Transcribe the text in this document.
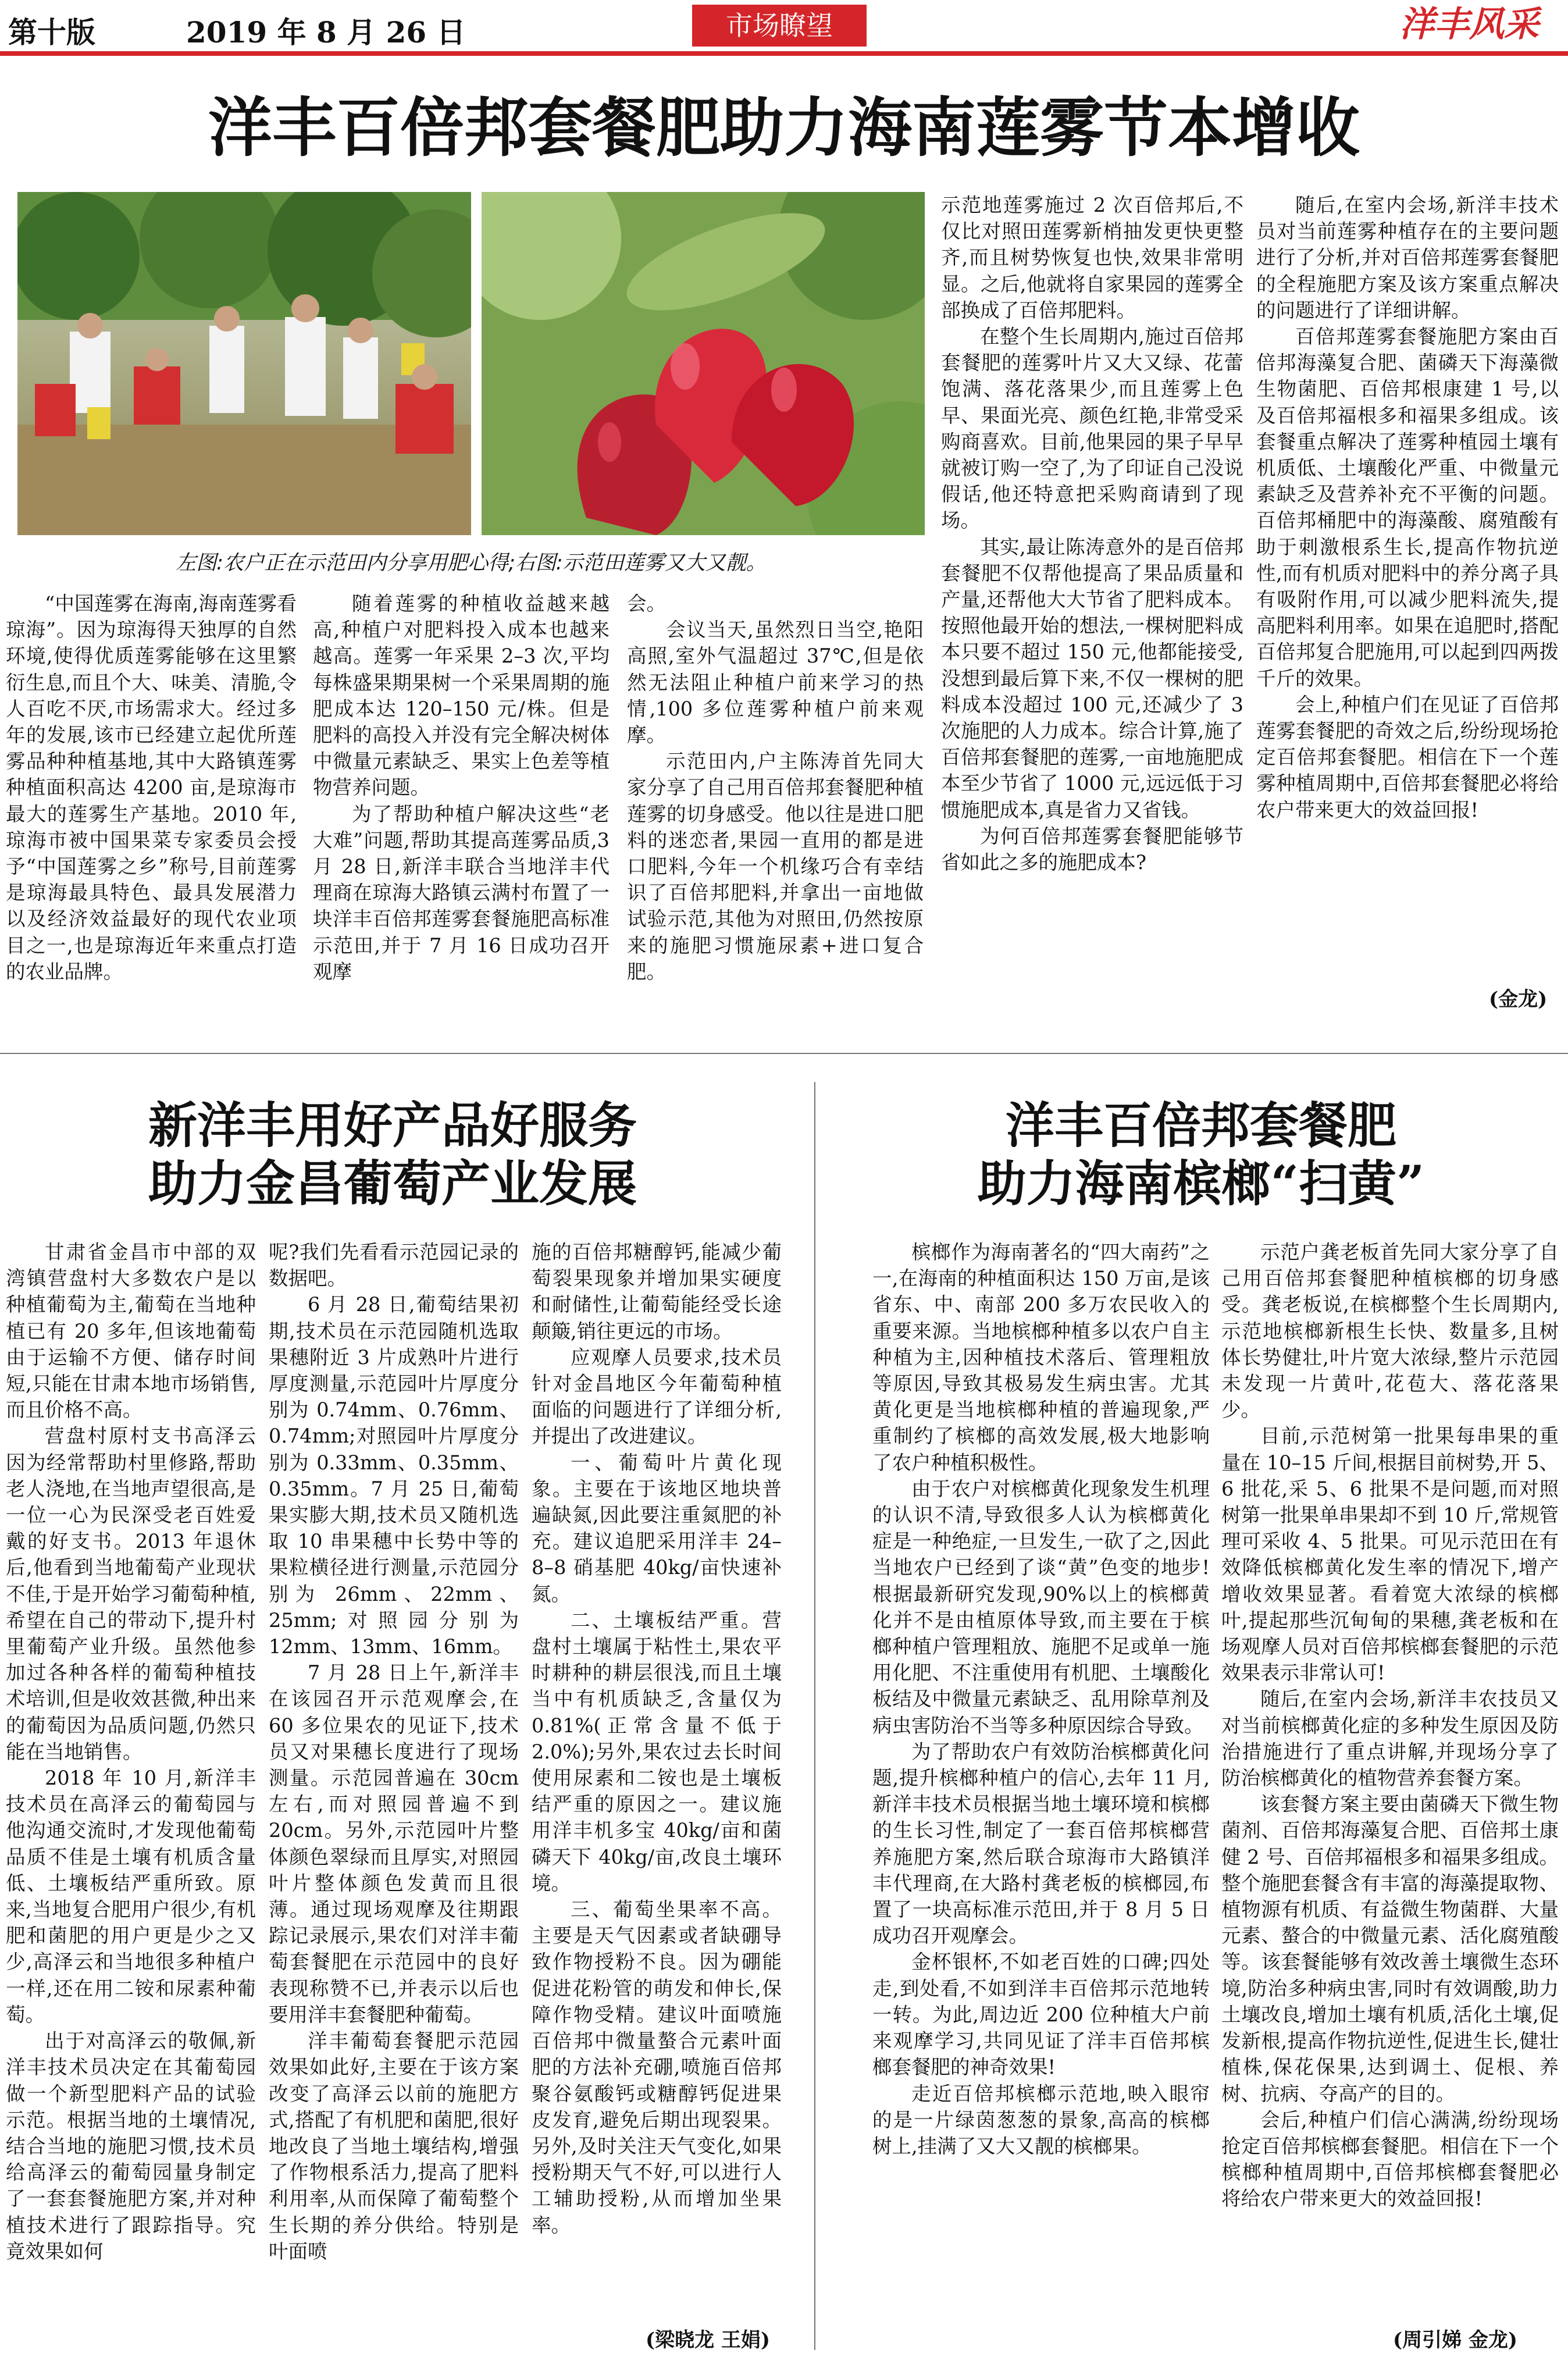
第十版	2019 年 8 月 26 日	市场瞭望	洋丰风采
洋丰百倍邦套餐肥助力海南莲雾节本增收
左图:农户正在示范田内分享用肥心得;右图:示范田莲雾又大又靓。

“中国莲雾在海南,海南莲雾看琼海”。因为琼海得天独厚的自然环境,使得优质莲雾能够在这里繁衍生息,而且个大、味美、清脆,令人百吃不厌,市场需求大。经过多年的发展,该市已经建立起优所莲雾品种种植基地,其中大路镇莲雾种植面积高达 4200 亩,是琼海市最大的莲雾生产基地。2010 年,琼海市被中国果菜专家委员会授予“中国莲雾之乡”称号,目前莲雾是琼海最具特色、最具发展潜力以及经济效益最好的现代农业项目之一,也是琼海近年来重点打造的农业品牌。

随着莲雾的种植收益越来越高,种植户对肥料投入成本也越来越高。莲雾一年采果 2–3 次,平均每株盛果期果树一个采果周期的施肥成本达 120–150 元/株。但是肥料的高投入并没有完全解决树体中微量元素缺乏、果实上色差等植物营养问题。

为了帮助种植户解决这些“老大难”问题,帮助其提高莲雾品质,3 月 28 日,新洋丰联合当地洋丰代理商在琼海大路镇云满村布置了一块洋丰百倍邦莲雾套餐施肥高标准示范田,并于 7 月 16 日成功召开观摩

会。

会议当天,虽然烈日当空,艳阳高照,室外气温超过 37℃,但是依然无法阻止种植户前来学习的热情,100 多位莲雾种植户前来观摩。

示范田内,户主陈涛首先同大家分享了自己用百倍邦套餐肥种植莲雾的切身感受。他以往是进口肥料的迷恋者,果园一直用的都是进口肥料,今年一个机缘巧合有幸结识了百倍邦肥料,并拿出一亩地做试验示范,其他为对照田,仍然按原来的施肥习惯施尿素+进口复合肥。

示范地莲雾施过 2 次百倍邦后,不仅比对照田莲雾新梢抽发更快更整齐,而且树势恢复也快,效果非常明显。之后,他就将自家果园的莲雾全部换成了百倍邦肥料。

在整个生长周期内,施过百倍邦套餐肥的莲雾叶片又大又绿、花蕾饱满、落花落果少,而且莲雾上色早、果面光亮、颜色红艳,非常受采购商喜欢。目前,他果园的果子早早就被订购一空了,为了印证自己没说假话,他还特意把采购商请到了现场。

其实,最让陈涛意外的是百倍邦套餐肥不仅帮他提高了果品质量和产量,还帮他大大节省了肥料成本。按照他最开始的想法,一棵树肥料成本只要不超过 150 元,他都能接受,没想到最后算下来,不仅一棵树的肥料成本没超过 100 元,还减少了 3 次施肥的人力成本。综合计算,施了百倍邦套餐肥的莲雾,一亩地施肥成本至少节省了 1000 元,远远低于习惯施肥成本,真是省力又省钱。

为何百倍邦莲雾套餐肥能够节省如此之多的施肥成本?

随后,在室内会场,新洋丰技术员对当前莲雾种植存在的主要问题进行了分析,并对百倍邦莲雾套餐肥的全程施肥方案及该方案重点解决的问题进行了详细讲解。

百倍邦莲雾套餐施肥方案由百倍邦海藻复合肥、菌磷天下海藻微生物菌肥、百倍邦根康建 1 号,以及百倍邦福根多和福果多组成。该套餐重点解决了莲雾种植园土壤有机质低、土壤酸化严重、中微量元素缺乏及营养补充不平衡的问题。百倍邦桶肥中的海藻酸、腐殖酸有助于刺激根系生长,提高作物抗逆性,而有机质对肥料中的养分离子具有吸附作用,可以减少肥料流失,提高肥料利用率。如果在追肥时,搭配百倍邦复合肥施用,可以起到四两拨千斤的效果。

会上,种植户们在见证了百倍邦莲雾套餐肥的奇效之后,纷纷现场抢定百倍邦套餐肥。相信在下一个莲雾种植周期中,百倍邦套餐肥必将给农户带来更大的效益回报!

(金龙)
新洋丰用好产品好服务
助力金昌葡萄产业发展

甘肃省金昌市中部的双湾镇营盘村大多数农户是以种植葡萄为主,葡萄在当地种植已有 20 多年,但该地葡萄由于运输不方便、储存时间短,只能在甘肃本地市场销售,而且价格不高。

营盘村原村支书高泽云因为经常帮助村里修路,帮助老人浇地,在当地声望很高,是一位一心为民深受老百姓爱戴的好支书。2013 年退休后,他看到当地葡萄产业现状不佳,于是开始学习葡萄种植,希望在自己的带动下,提升村里葡萄产业升级。虽然他参加过各种各样的葡萄种植技术培训,但是收效甚微,种出来的葡萄因为品质问题,仍然只能在当地销售。

2018 年 10 月,新洋丰技术员在高泽云的葡萄园与他沟通交流时,才发现他葡萄品质不佳是土壤有机质含量低、土壤板结严重所致。原来,当地复合肥用户很少,有机肥和菌肥的用户更是少之又少,高泽云和当地很多种植户一样,还在用二铵和尿素种葡萄。

出于对高泽云的敬佩,新洋丰技术员决定在其葡萄园做一个新型肥料产品的试验示范。根据当地的土壤情况,结合当地的施肥习惯,技术员给高泽云的葡萄园量身制定了一套套餐施肥方案,并对种植技术进行了跟踪指导。究竟效果如何

呢?我们先看看示范园记录的数据吧。

6 月 28 日,葡萄结果初期,技术员在示范园随机选取果穗附近 3 片成熟叶片进行厚度测量,示范园叶片厚度分别为 0.74mm、0.76mm、0.74mm;对照园叶片厚度分别为 0.33mm、0.35mm、0.35mm。7 月 25 日,葡萄果实膨大期,技术员又随机选取 10 串果穗中长势中等的果粒横径进行测量,示范园分别为 26mm、22mm、25mm;对照园分别为 12mm、13mm、16mm。

7 月 28 日上午,新洋丰在该园召开示范观摩会,在 60 多位果农的见证下,技术员又对果穗长度进行了现场测量。示范园普遍在 30cm 左右,而对照园普遍不到 20cm。另外,示范园叶片整体颜色翠绿而且厚实,对照园叶片整体颜色发黄而且很薄。通过现场观摩及往期跟踪记录展示,果农们对洋丰葡萄套餐肥在示范园中的良好表现称赞不已,并表示以后也要用洋丰套餐肥种葡萄。

洋丰葡萄套餐肥示范园效果如此好,主要在于该方案改变了高泽云以前的施肥方式,搭配了有机肥和菌肥,很好地改良了当地土壤结构,增强了作物根系活力,提高了肥料利用率,从而保障了葡萄整个生长期的养分供给。特别是叶面喷

施的百倍邦糖醇钙,能减少葡萄裂果现象并增加果实硬度和耐储性,让葡萄能经受长途颠簸,销往更远的市场。

应观摩人员要求,技术员针对金昌地区今年葡萄种植面临的问题进行了详细分析,并提出了改进建议。

一、葡萄叶片黄化现象。主要在于该地区地块普遍缺氮,因此要注重氮肥的补充。建议追肥采用洋丰 24–8–8 硝基肥 40kg/亩快速补氮。

二、土壤板结严重。营盘村土壤属于粘性土,果农平时耕种的耕层很浅,而且土壤当中有机质缺乏,含量仅为 0.81%(正常含量不低于 2.0%);另外,果农过去长时间使用尿素和二铵也是土壤板结严重的原因之一。建议施用洋丰机多宝 40kg/亩和菌磷天下 40kg/亩,改良土壤环境。

三、葡萄坐果率不高。主要是天气因素或者缺硼导致作物授粉不良。因为硼能促进花粉管的萌发和伸长,保障作物受精。建议叶面喷施百倍邦中微量螯合元素叶面肥的方法补充硼,喷施百倍邦聚谷氨酸钙或糖醇钙促进果皮发育,避免后期出现裂果。另外,及时关注天气变化,如果授粉期天气不好,可以进行人工辅助授粉,从而增加坐果率。

(梁晓龙 王娟)
洋丰百倍邦套餐肥
助力海南槟榔“扫黄”

槟榔作为海南著名的“四大南药”之一,在海南的种植面积达 150 万亩,是该省东、中、南部 200 多万农民收入的重要来源。当地槟榔种植多以农户自主种植为主,因种植技术落后、管理粗放等原因,导致其极易发生病虫害。尤其黄化更是当地槟榔种植的普遍现象,严重制约了槟榔的高效发展,极大地影响了农户种植积极性。

由于农户对槟榔黄化现象发生机理的认识不清,导致很多人认为槟榔黄化症是一种绝症,一旦发生,一砍了之,因此当地农户已经到了谈“黄”色变的地步!根据最新研究发现,90%以上的槟榔黄化并不是由植原体导致,而主要在于槟榔种植户管理粗放、施肥不足或单一施用化肥、不注重使用有机肥、土壤酸化板结及中微量元素缺乏、乱用除草剂及病虫害防治不当等多种原因综合导致。

为了帮助农户有效防治槟榔黄化问题,提升槟榔种植户的信心,去年 11 月,新洋丰技术员根据当地土壤环境和槟榔的生长习性,制定了一套百倍邦槟榔营养施肥方案,然后联合琼海市大路镇洋丰代理商,在大路村龚老板的槟榔园,布置了一块高标准示范田,并于 8 月 5 日成功召开观摩会。

金杯银杯,不如老百姓的口碑;四处走,到处看,不如到洋丰百倍邦示范地转一转。为此,周边近 200 位种植大户前来观摩学习,共同见证了洋丰百倍邦槟榔套餐肥的神奇效果!

走近百倍邦槟榔示范地,映入眼帘的是一片绿茵葱葱的景象,高高的槟榔树上,挂满了又大又靓的槟榔果。

示范户龚老板首先同大家分享了自己用百倍邦套餐肥种植槟榔的切身感受。龚老板说,在槟榔整个生长周期内,示范地槟榔新根生长快、数量多,且树体长势健壮,叶片宽大浓绿,整片示范园未发现一片黄叶,花苞大、落花落果少。

目前,示范树第一批果每串果的重量在 10–15 斤间,根据目前树势,开 5、6 批花,采 5、6 批果不是问题,而对照树第一批果单串果却不到 10 斤,常规管理可采收 4、5 批果。可见示范田在有效降低槟榔黄化发生率的情况下,增产增收效果显著。看着宽大浓绿的槟榔叶,提起那些沉甸甸的果穗,龚老板和在场观摩人员对百倍邦槟榔套餐肥的示范效果表示非常认可!

随后,在室内会场,新洋丰农技员又对当前槟榔黄化症的多种发生原因及防治措施进行了重点讲解,并现场分享了防治槟榔黄化的植物营养套餐方案。

该套餐方案主要由菌磷天下微生物菌剂、百倍邦海藻复合肥、百倍邦土康健 2 号、百倍邦福根多和福果多组成。整个施肥套餐含有丰富的海藻提取物、植物源有机质、有益微生物菌群、大量元素、螯合的中微量元素、活化腐殖酸等。该套餐能够有效改善土壤微生态环境,防治多种病虫害,同时有效调酸,助力土壤改良,增加土壤有机质,活化土壤,促发新根,提高作物抗逆性,促进生长,健壮植株,保花保果,达到调土、促根、养树、抗病、夺高产的目的。

会后,种植户们信心满满,纷纷现场抢定百倍邦槟榔套餐肥。相信在下一个槟榔种植周期中,百倍邦槟榔套餐肥必将给农户带来更大的效益回报!

(周引娣 金龙)
